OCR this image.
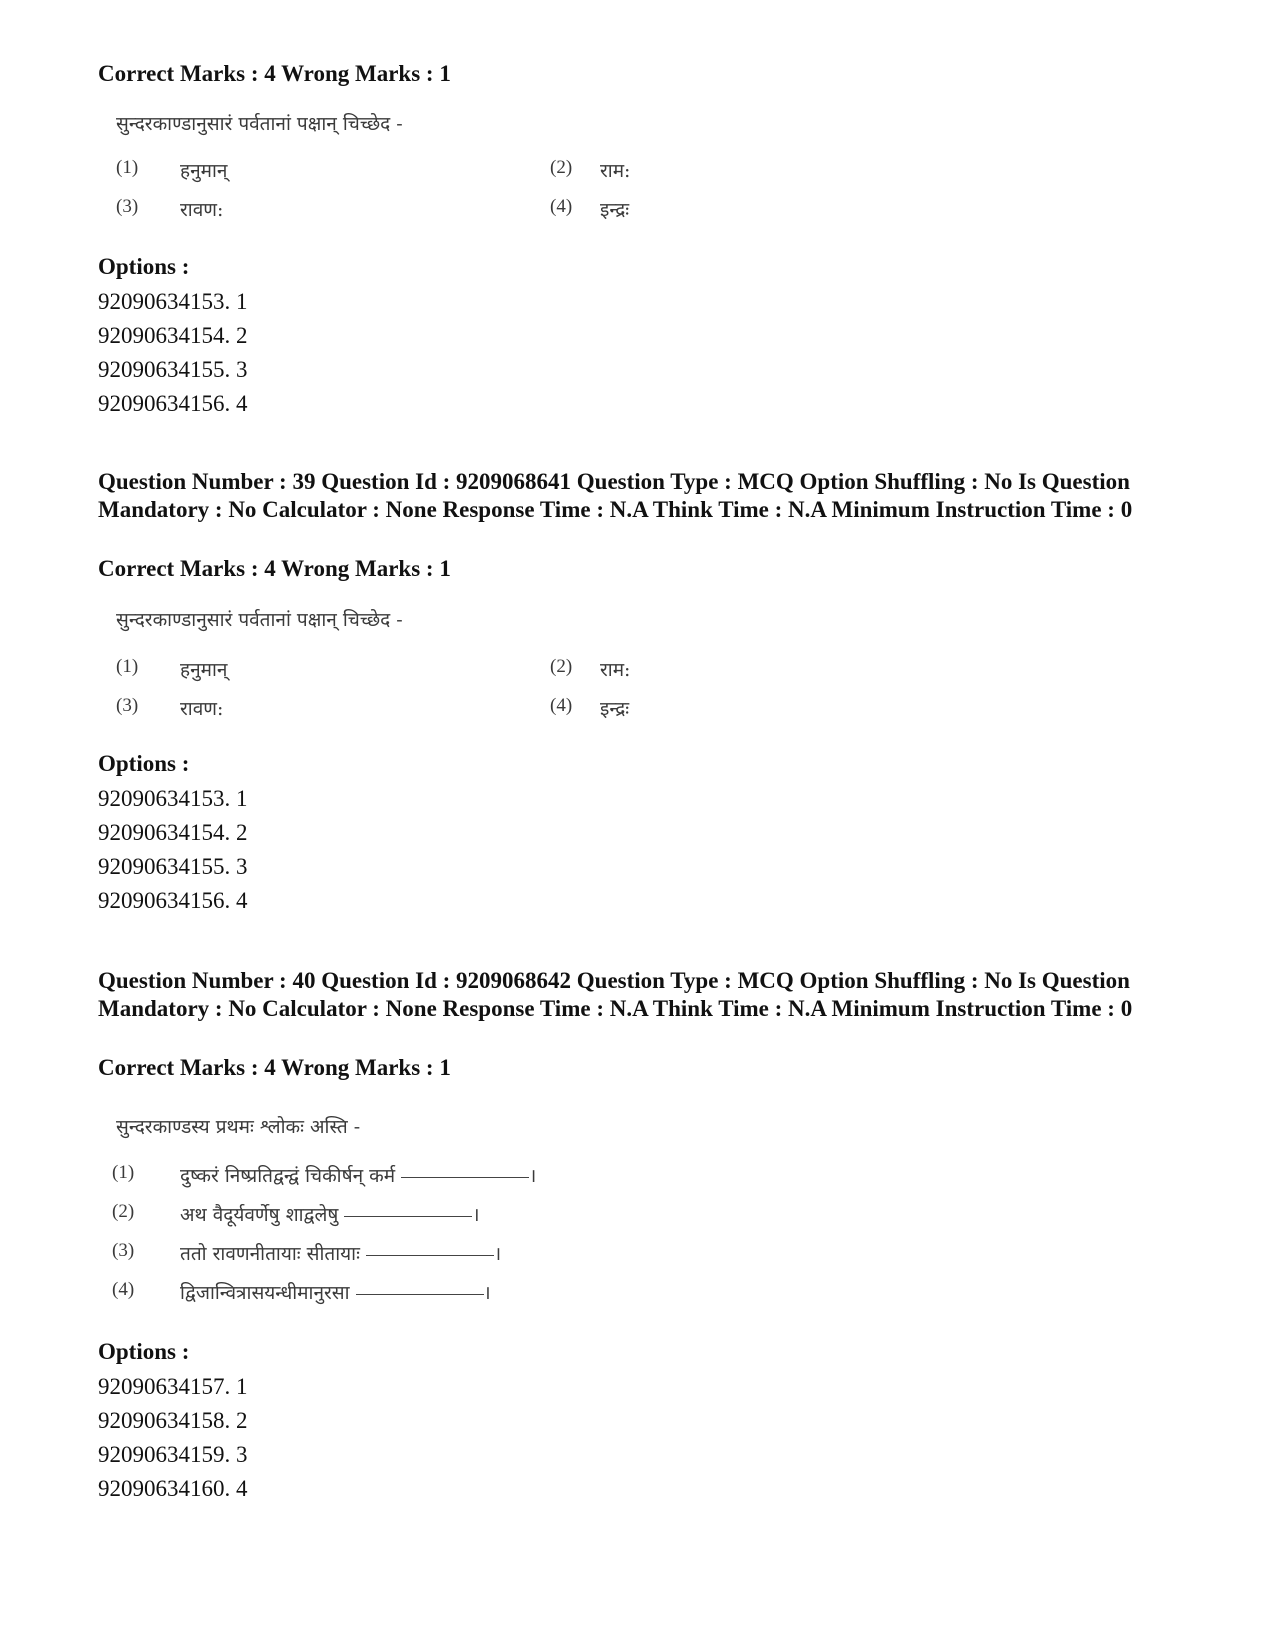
Correct Marks : 4 Wrong Marks : 1
सुन्दरकाण्डानुसारं पर्वतानां पक्षान् चिच्छेद -
(1) हनुमान्	(2) राम:
(3) रावण:	(4) इन्द्रः
Options :
92090634153. 1
92090634154. 2
92090634155. 3
92090634156. 4
Question Number : 39 Question Id : 9209068641 Question Type : MCQ Option Shuffling : No Is Question Mandatory : No Calculator : None Response Time : N.A Think Time : N.A Minimum Instruction Time : 0
Correct Marks : 4 Wrong Marks : 1
सुन्दरकाण्डानुसारं पर्वतानां पक्षान् चिच्छेद -
(1) हनुमान्	(2) राम:
(3) रावण:	(4) इन्द्रः
Options :
92090634153. 1
92090634154. 2
92090634155. 3
92090634156. 4
Question Number : 40 Question Id : 9209068642 Question Type : MCQ Option Shuffling : No Is Question Mandatory : No Calculator : None Response Time : N.A Think Time : N.A Minimum Instruction Time : 0
Correct Marks : 4 Wrong Marks : 1
सुन्दरकाण्डस्य प्रथमः श्लोकः अस्ति -
(1) दुष्करं निष्प्रतिद्वन्द्वं चिकीर्षन् कर्म	।
(2) अथ वैदूर्यवर्णेषु शाद्वलेषु	।
(3) ततो रावणनीतायाः सीतायाः	।
(4) द्विजान्वित्रासयन्धीमानुरसा	।
Options :
92090634157. 1
92090634158. 2
92090634159. 3
92090634160. 4
